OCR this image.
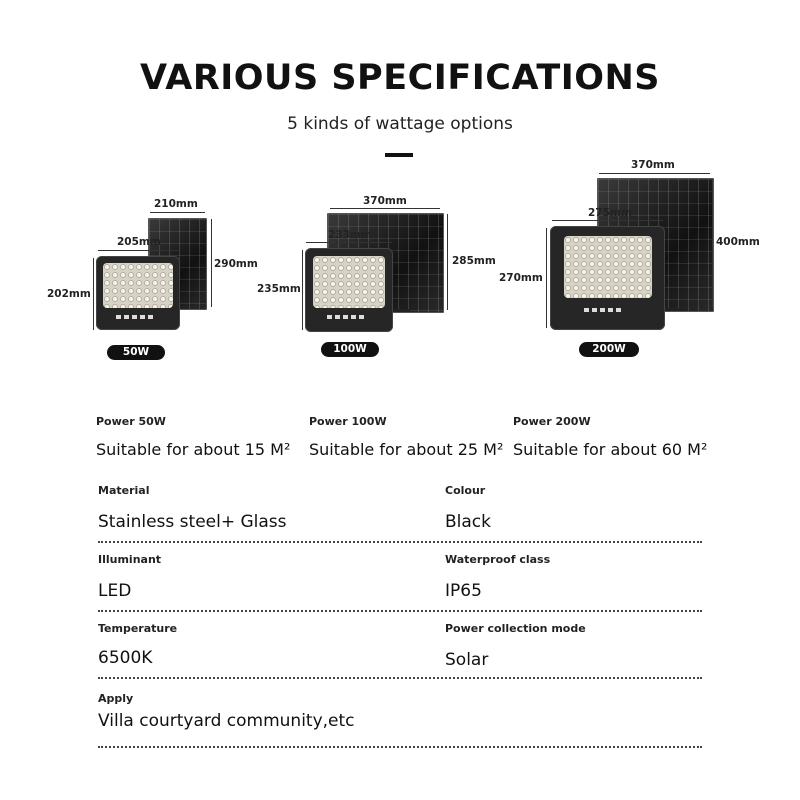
VARIOUS SPECIFICATIONS
5 kinds of wattage options
210mm
290mm
205mm
202mm
50W
370mm
285mm
233mm
235mm
100W
370mm
400mm
275mm
270mm
200W
Power 50W
Suitable for about 15 M²
Power 100W
Suitable for about 25 M²
Power 200W
Suitable for about 60 M²
Material
Stainless steel+ Glass
Colour
Black
Illuminant
LED
Waterproof class
IP65
Temperature
6500K
Power collection mode
Solar
Apply
Villa courtyard community,etc
